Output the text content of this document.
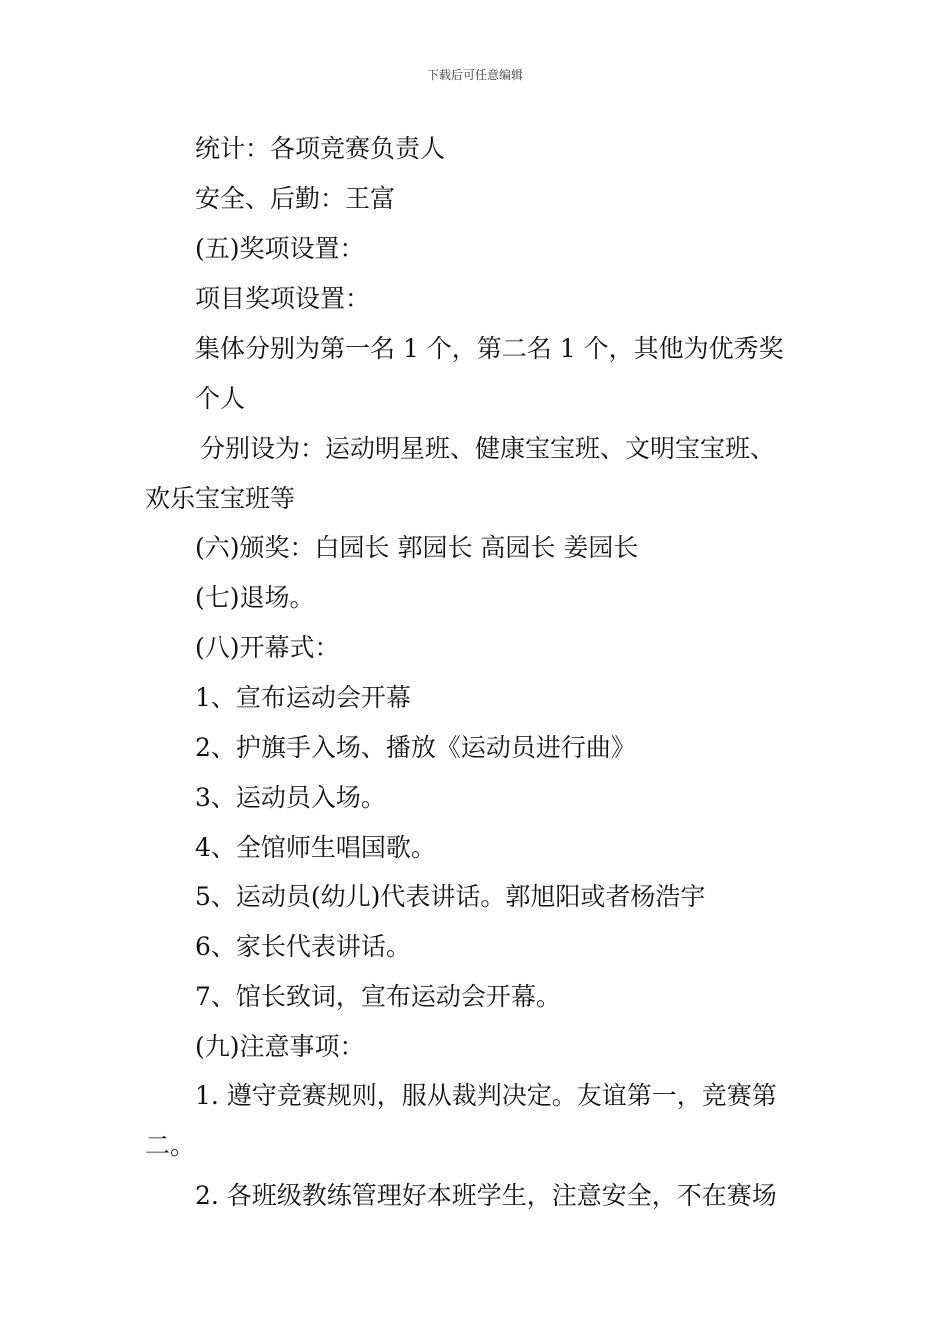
下载后可任意编辑
统计：各项竞赛负责人
安全、后勤：王富
(五)奖项设置：
项目奖项设置：
集体分别为第一名 1 个，第二名 1 个，其他为优秀奖
个人
分别设为：运动明星班、健康宝宝班、文明宝宝班、
欢乐宝宝班等
(六)颁奖：白园长 郭园长 高园长 姜园长
(七)退场。
(八)开幕式：
1、宣布运动会开幕
2、护旗手入场、播放《运动员进行曲》
3、运动员入场。
4、全馆师生唱国歌。
5、运动员(幼儿)代表讲话。郭旭阳或者杨浩宇
6、家长代表讲话。
7、馆长致词，宣布运动会开幕。
(九)注意事项：
1. 遵守竞赛规则，服从裁判决定。友谊第一，竞赛第
二。
2. 各班级教练管理好本班学生，注意安全，不在赛场
